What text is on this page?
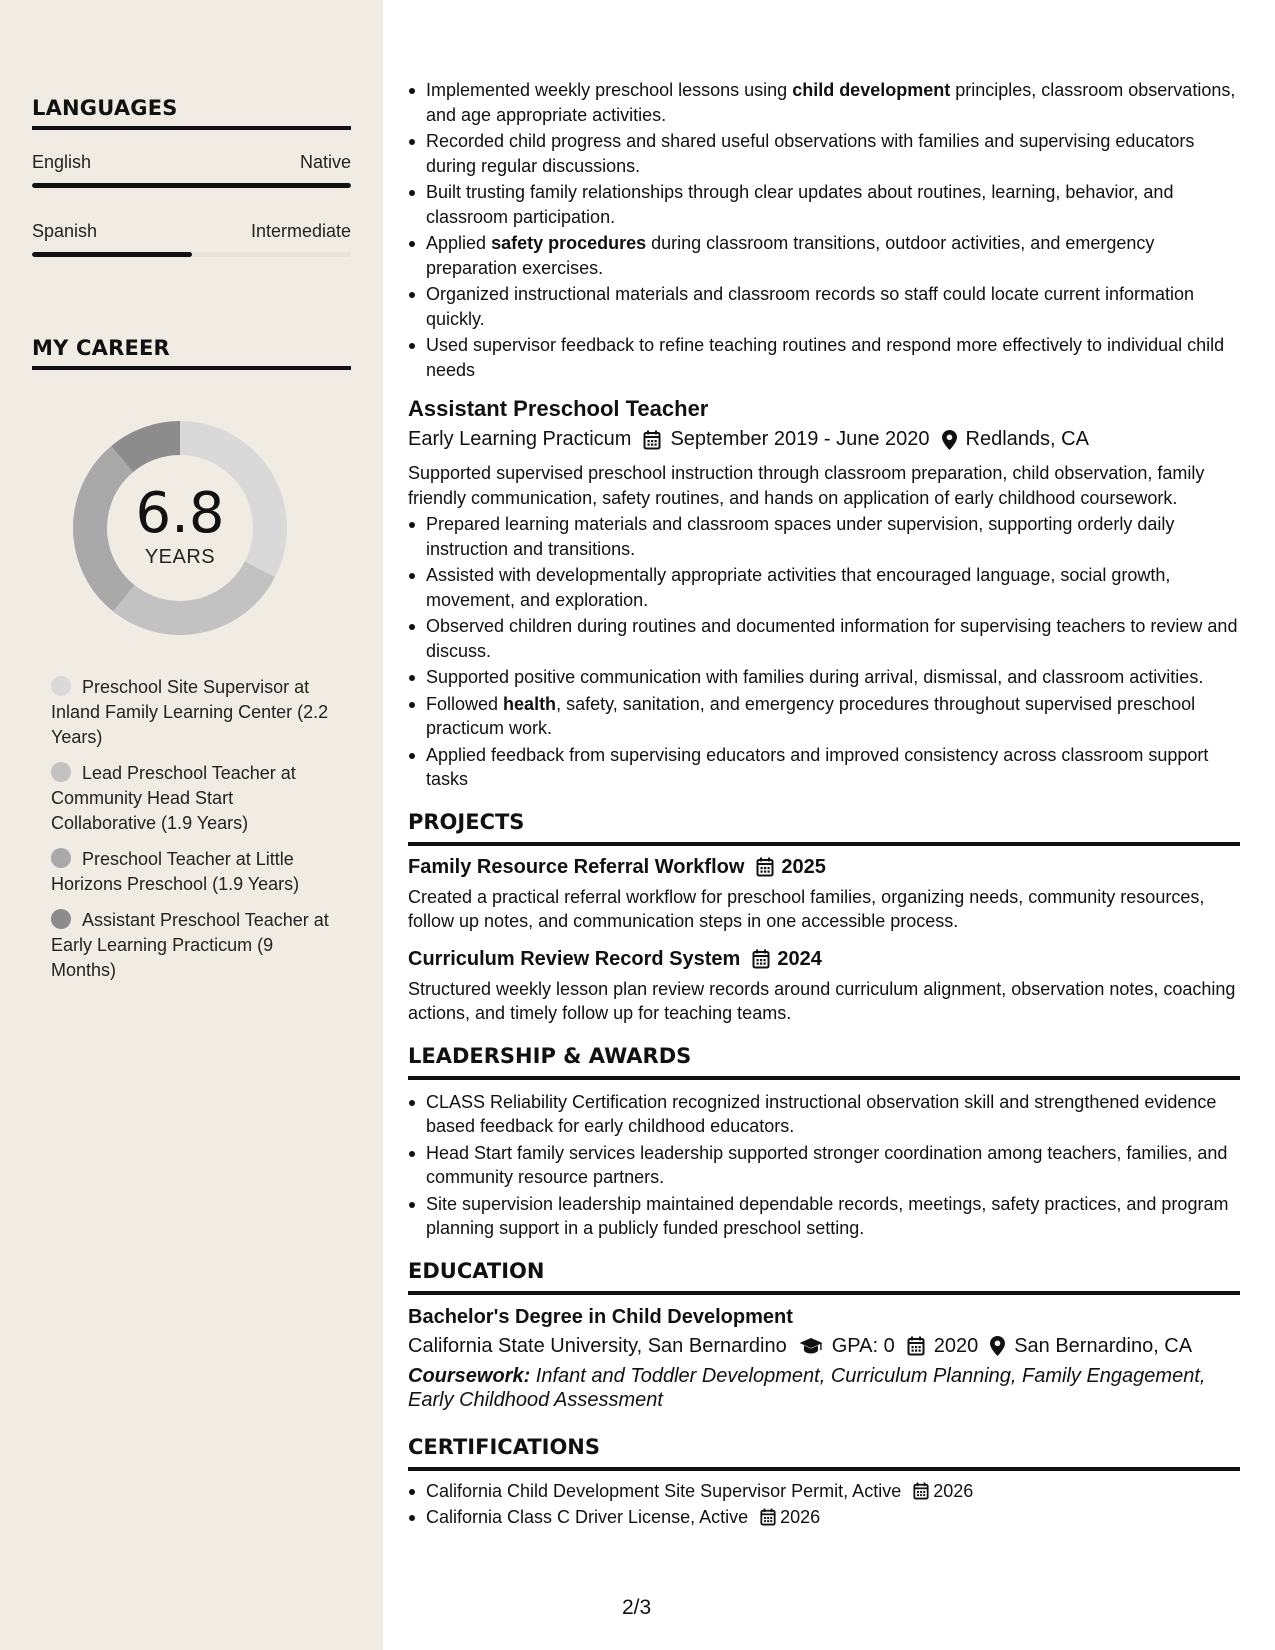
LANGUAGES
English	Native
Spanish	Intermediate
MY CAREER
6.8
YEARS
Preschool Site Supervisor at Inland Family Learning Center (2.2 Years)
Lead Preschool Teacher at Community Head Start Collaborative (1.9 Years)
Preschool Teacher at Little Horizons Preschool (1.9 Years)
Assistant Preschool Teacher at Early Learning Practicum (9 Months)
Implemented weekly preschool lessons using child development principles, classroom observations, and age appropriate activities.
Recorded child progress and shared useful observations with families and supervising educators during regular discussions.
Built trusting family relationships through clear updates about routines, learning, behavior, and classroom participation.
Applied safety procedures during classroom transitions, outdoor activities, and emergency preparation exercises.
Organized instructional materials and classroom records so staff could locate current information quickly.
Used supervisor feedback to refine teaching routines and respond more effectively to individual child needs
Assistant Preschool Teacher
Early Learning Practicum September 2019 - June 2020 Redlands, CA
Supported supervised preschool instruction through classroom preparation, child observation, family friendly communication, safety routines, and hands on application of early childhood coursework.
Prepared learning materials and classroom spaces under supervision, supporting orderly daily instruction and transitions.
Assisted with developmentally appropriate activities that encouraged language, social growth, movement, and exploration.
Observed children during routines and documented information for supervising teachers to review and discuss.
Supported positive communication with families during arrival, dismissal, and classroom activities.
Followed health, safety, sanitation, and emergency procedures throughout supervised preschool practicum work.
Applied feedback from supervising educators and improved consistency across classroom support tasks
PROJECTS
Family Resource Referral Workflow 2025
Created a practical referral workflow for preschool families, organizing needs, community resources, follow up notes, and communication steps in one accessible process.
Curriculum Review Record System 2024
Structured weekly lesson plan review records around curriculum alignment, observation notes, coaching actions, and timely follow up for teaching teams.
LEADERSHIP & AWARDS
CLASS Reliability Certification recognized instructional observation skill and strengthened evidence based feedback for early childhood educators.
Head Start family services leadership supported stronger coordination among teachers, families, and community resource partners.
Site supervision leadership maintained dependable records, meetings, safety practices, and program planning support in a publicly funded preschool setting.
EDUCATION
Bachelor's Degree in Child Development
California State University, San Bernardino GPA: 0 2020 San Bernardino, CA
Coursework: Infant and Toddler Development, Curriculum Planning, Family Engagement, Early Childhood Assessment
CERTIFICATIONS
California Child Development Site Supervisor Permit, Active 2026
California Class C Driver License, Active 2026
2/3
